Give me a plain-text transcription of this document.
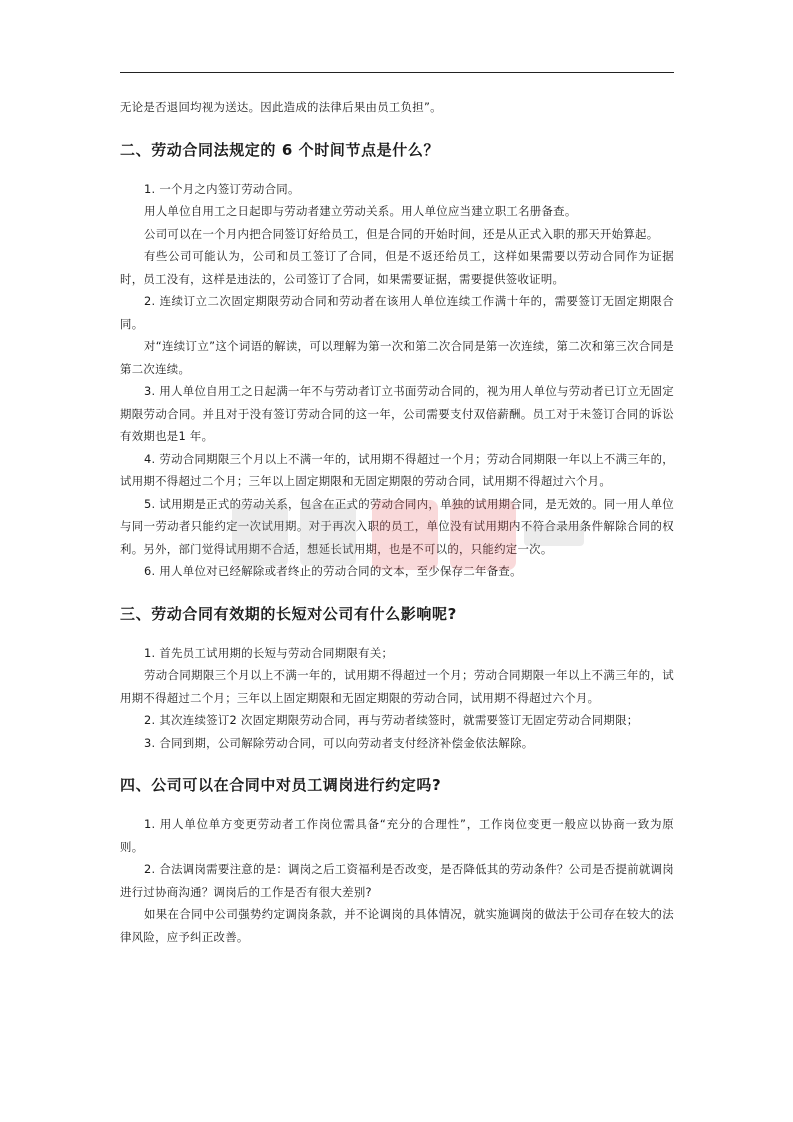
无论是否退回均视为送达。因此造成的法律后果由员工负担”。

二、劳动合同法规定的 6 个时间节点是什么？

1. 一个月之内签订劳动合同。

用人单位自用工之日起即与劳动者建立劳动关系。用人单位应当建立职工名册备查。

公司可以在一个月内把合同签订好给员工，但是合同的开始时间，还是从正式入职的那天开始算起。

有些公司可能认为，公司和员工签订了合同，但是不返还给员工，这样如果需要以劳动合同作为证据时，员工没有，这样是违法的，公司签订了合同，如果需要证据，需要提供签收证明。

2. 连续订立二次固定期限劳动合同和劳动者在该用人单位连续工作满十年的，需要签订无固定期限合同。

对“连续订立”这个词语的解读，可以理解为第一次和第二次合同是第一次连续，第二次和第三次合同是第二次连续。

3. 用人单位自用工之日起满一年不与劳动者订立书面劳动合同的，视为用人单位与劳动者已订立无固定期限劳动合同。并且对于没有签订劳动合同的这一年，公司需要支付双倍薪酬。员工对于未签订合同的诉讼有效期也是1 年。

4. 劳动合同期限三个月以上不满一年的，试用期不得超过一个月；劳动合同期限一年以上不满三年的，试用期不得超过二个月；三年以上固定期限和无固定期限的劳动合同，试用期不得超过六个月。

5. 试用期是正式的劳动关系，包含在正式的劳动合同内，单独的试用期合同，是无效的。同一用人单位与同一劳动者只能约定一次试用期。对于再次入职的员工，单位没有试用期内不符合录用条件解除合同的权利。另外，部门觉得试用期不合适，想延长试用期，也是不可以的，只能约定一次。

6. 用人单位对已经解除或者终止的劳动合同的文本，至少保存二年备查。

三、劳动合同有效期的长短对公司有什么影响呢?

1. 首先员工试用期的长短与劳动合同期限有关；

劳动合同期限三个月以上不满一年的，试用期不得超过一个月；劳动合同期限一年以上不满三年的，试用期不得超过二个月；三年以上固定期限和无固定期限的劳动合同，试用期不得超过六个月。

2. 其次连续签订2 次固定期限劳动合同，再与劳动者续签时，就需要签订无固定劳动合同期限；

3. 合同到期，公司解除劳动合同，可以向劳动者支付经济补偿金依法解除。

四、公司可以在合同中对员工调岗进行约定吗?

1. 用人单位单方变更劳动者工作岗位需具备“充分的合理性”，工作岗位变更一般应以协商一致为原则。

2. 合法调岗需要注意的是：调岗之后工资福利是否改变，是否降低其的劳动条件？公司是否提前就调岗进行过协商沟通？调岗后的工作是否有很大差别?

如果在合同中公司强势约定调岗条款，并不论调岗的具体情况，就实施调岗的做法于公司存在较大的法律风险，应予纠正改善。
